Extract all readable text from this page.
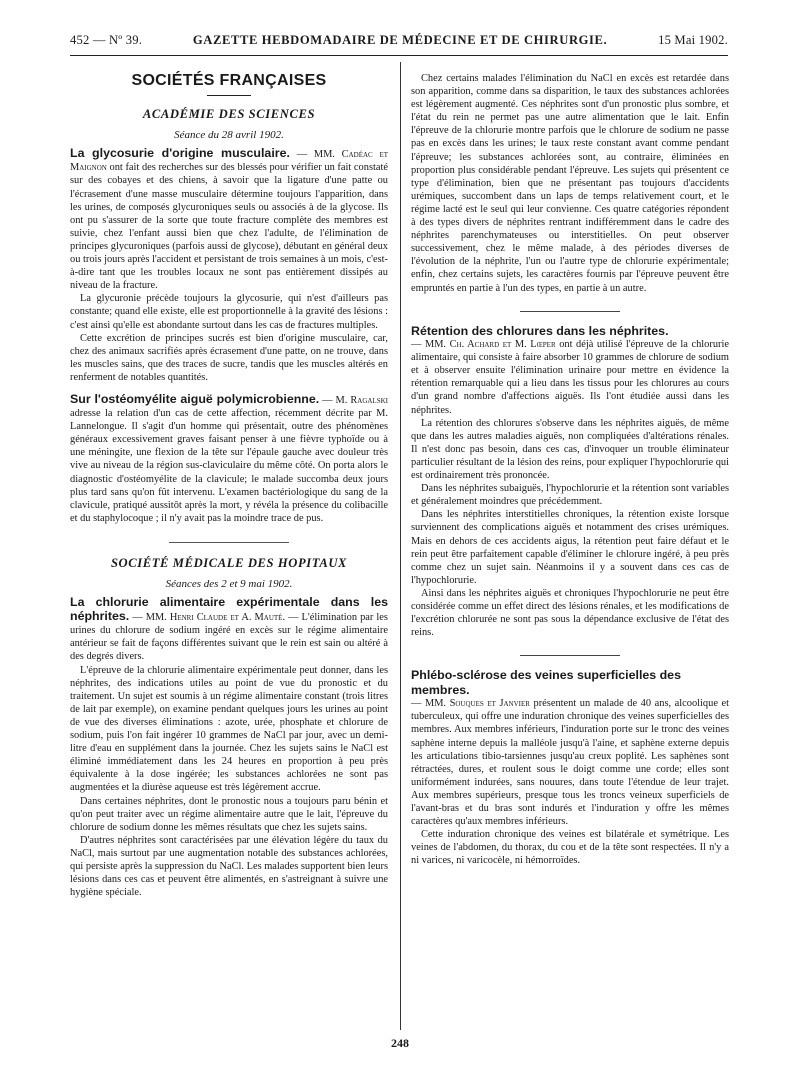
452 — Nº 39.	GAZETTE HEBDOMADAIRE DE MÉDECINE ET DE CHIRURGIE.	15 Mai 1902.
SOCIÉTÉS FRANÇAISES
ACADÉMIE DES SCIENCES
Séance du 28 avril 1902.

La glycosurie d'origine musculaire. — MM. Cadéac et Maignon ont fait des recherches sur des blessés pour vérifier un fait constaté sur des cobayes et des chiens, à savoir que la ligature d'une patte ou l'écrasement d'une masse musculaire détermine toujours l'apparition, dans les urines, de composés glycuroniques seuls ou associés à de la glycose. Ils ont pu s'assurer de la sorte que toute fracture complète des membres est suivie, chez l'enfant aussi bien que chez l'adulte, de l'élimination de principes glycuroniques (parfois aussi de glycose), débutant en général deux ou trois jours après l'accident et persistant de trois semaines à un mois, c'est-à-dire tant que les troubles locaux ne sont pas entièrement dissipés au niveau de la fracture.

La glycuronie précède toujours la glycosurie, qui n'est d'ailleurs pas constante; quand elle existe, elle est proportionnelle à la gravité des lésions : c'est ainsi qu'elle est abondante surtout dans les cas de fractures multiples.

Cette excrétion de principes sucrés est bien d'origine musculaire, car, chez des animaux sacrifiés après écrasement d'une patte, on ne trouve, dans les muscles sains, que des traces de sucre, tandis que les muscles altérés en renferment de notables quantités.

Sur l'ostéomyélite aiguë polymicrobienne. — M. Ragalski adresse la relation d'un cas de cette affection, récemment décrite par M. Lannelongue. Il s'agit d'un homme qui présentait, outre des phénomènes généraux excessivement graves faisant penser à une fièvre typhoïde ou à une méningite, une flexion de la tête sur l'épaule gauche avec douleur très vive au niveau de la région sus-claviculaire du même côté. On porta alors le diagnostic d'ostéomyélite de la clavicule; le malade succomba deux jours plus tard sans qu'on fût intervenu. L'examen bactériologique du sang de la clavicule, pratiqué aussitôt après la mort, y révéla la présence du colibacille et du staphylocoque ; il n'y avait pas la moindre trace de pus.

SOCIÉTÉ MÉDICALE DES HOPITAUX
Séances des 2 et 9 mai 1902.

La chlorurie alimentaire expérimentale dans les néphrites. — MM. Henri Claude et A. Mauté. — L'élimination par les urines du chlorure de sodium ingéré en excès sur le régime alimentaire antérieur se fait de façons différentes suivant que le rein est sain ou altéré à des degrés divers.

L'épreuve de la chlorurie alimentaire expérimentale peut donner, dans les néphrites, des indications utiles au point de vue du pronostic et du traitement. Un sujet est soumis à un régime alimentaire constant (trois litres de lait par exemple), on examine pendant quelques jours les urines au point de vue des diverses éliminations : azote, urée, phosphate et chlorure de sodium, puis l'on fait ingérer 10 grammes de NaCl par jour, avec un demi-litre d'eau en supplément dans la journée. Chez les sujets sains le NaCl est éliminé immédiatement dans les 24 heures en proportion à peu près équivalente à la dose ingérée; les substances achlorées ne sont pas augmentées et la diurèse aqueuse est très légèrement accrue.

Dans certaines néphrites, dont le pronostic nous a toujours paru bénin et qu'on peut traiter avec un régime alimentaire autre que le lait, l'épreuve du chlorure de sodium donne les mêmes résultats que chez les sujets sains.

D'autres néphrites sont caractérisées par une élévation légère du taux du NaCl, mais surtout par une augmentation notable des substances achlorées, qui persiste après la suppression du NaCl. Les malades supportent bien leurs lésions dans ces cas et peuvent être alimentés, en s'astreignant à suivre une hygiène spéciale.

Chez certains malades l'élimination du NaCl en excès est retardée dans son apparition, comme dans sa disparition, le taux des substances achlorées est légèrement augmenté. Ces néphrites sont d'un pronostic plus sombre, et l'état du rein ne permet pas une autre alimentation que le lait. Enfin l'épreuve de la chlorurie montre parfois que le chlorure de sodium ne passe pas en excès dans les urines; le taux reste constant avant comme pendant l'épreuve; les substances achlorées sont, au contraire, éliminées en proportion plus considérable pendant l'épreuve. Les sujets qui présentent ce type d'élimination, bien que ne présentant pas toujours d'accidents urémiques, succombent dans un laps de temps relativement court, et le régime lacté est le seul qui leur convienne. Ces quatre catégories répondent à des types divers de néphrites rentrant indifféremment dans le cadre des néphrites parenchymateuses ou interstitielles. On peut observer successivement, chez le même malade, à des périodes diverses de l'évolution de la néphrite, l'un ou l'autre type de chlorurie expérimentale; enfin, chez certains sujets, les caractères fournis par l'épreuve peuvent être empruntés en partie à l'un des types, en partie à un autre.

Rétention des chlorures dans les néphrites.

— MM. Ch. Achard et M. Lœper ont déjà utilisé l'épreuve de la chlorurie alimentaire, qui consiste à faire absorber 10 grammes de chlorure de sodium et à observer ensuite l'élimination urinaire pour mettre en évidence la rétention remarquable qui a lieu dans les tissus pour les chlorures au cours d'un grand nombre d'affections aiguës. Ils l'ont étudiée aussi dans les néphrites.

La rétention des chlorures s'observe dans les néphrites aiguës, de même que dans les autres maladies aiguës, non compliquées d'altérations rénales. Il n'est donc pas besoin, dans ces cas, d'invoquer un trouble éliminateur particulier résultant de la lésion des reins, pour expliquer l'hypochlorurie qui est ordinairement très prononcée.

Dans les néphrites subaiguës, l'hypochlorurie et la rétention sont variables et généralement moindres que précédemment.

Dans les néphrites interstitielles chroniques, la rétention existe lorsque surviennent des complications aiguës et notamment des crises urémiques. Mais en dehors de ces accidents aigus, la rétention peut faire défaut et le rein peut être parfaitement capable d'éliminer le chlorure ingéré, à peu près comme chez un sujet sain. Néanmoins il y a souvent dans ces cas de l'hypochlorurie.

Ainsi dans les néphrites aiguës et chroniques l'hypochlorurie ne peut être considérée comme un effet direct des lésions rénales, et les modifications de l'excrétion chlorurée ne sont pas sous la dépendance exclusive de l'état des reins.

Phlébo-sclérose des veines superficielles des membres.

— MM. Souques et Janvier présentent un malade de 40 ans, alcoolique et tuberculeux, qui offre une induration chronique des veines superficielles des membres. Aux membres inférieurs, l'induration porte sur le tronc des veines saphène interne depuis la malléole jusqu'à l'aine, et saphène externe depuis les articulations tibio-tarsiennes jusqu'au creux poplité. Les saphènes sont rétractées, dures, et roulent sous le doigt comme une corde; elles sont uniformément indurées, sans nouures, dans toute l'étendue de leur trajet. Aux membres supérieurs, presque tous les troncs veineux superficiels de l'avant-bras et du bras sont indurés et l'induration y offre les mêmes caractères qu'aux membres inférieurs.

Cette induration chronique des veines est bilatérale et symétrique. Les veines de l'abdomen, du thorax, du cou et de la tête sont respectées. Il n'y a ni varices, ni varicocèle, ni hémorroïdes.

248
